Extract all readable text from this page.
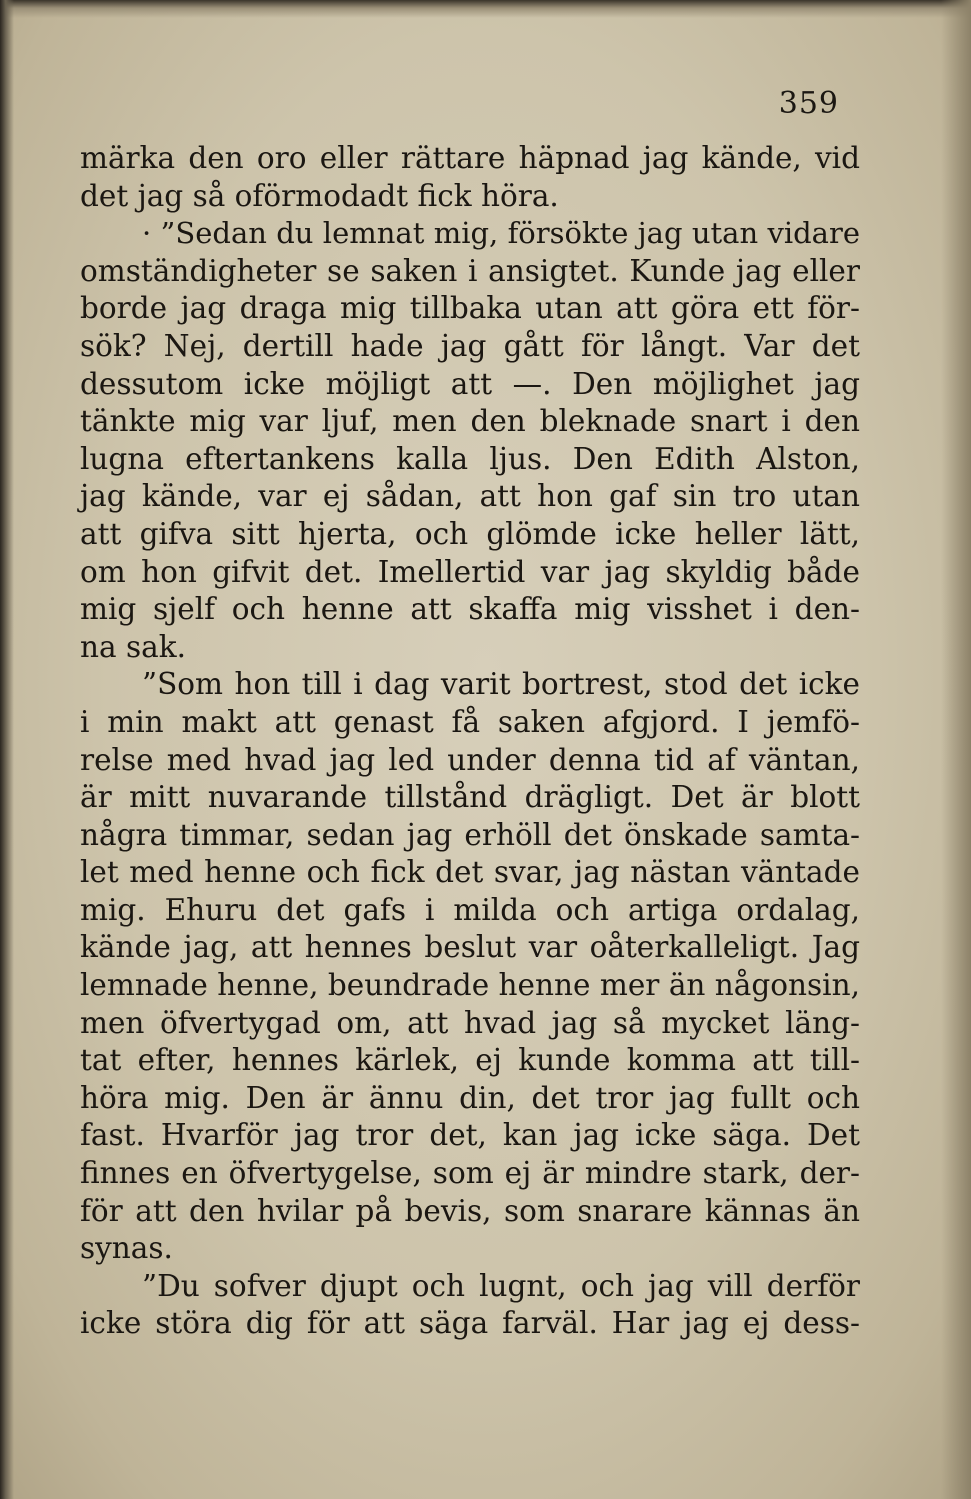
359
märka den oro eller rättare häpnad jag kände, vid
det jag så oförmodadt fick höra.
· ”Sedan du lemnat mig, försökte jag utan vidare
omständigheter se saken i ansigtet. Kunde jag eller
borde jag draga mig tillbaka utan att göra ett för-
sök? Nej, dertill hade jag gått för långt. Var det
dessutom icke möjligt att —. Den möjlighet jag
tänkte mig var ljuf, men den bleknade snart i den
lugna eftertankens kalla ljus. Den Edith Alston,
jag kände, var ej sådan, att hon gaf sin tro utan
att gifva sitt hjerta, och glömde icke heller lätt,
om hon gifvit det. Imellertid var jag skyldig både
mig sjelf och henne att skaffa mig visshet i den-
na sak.
”Som hon till i dag varit bortrest, stod det icke
i min makt att genast få saken afgjord. I jemfö-
relse med hvad jag led under denna tid af väntan,
är mitt nuvarande tillstånd drägligt. Det är blott
några timmar, sedan jag erhöll det önskade samta-
let med henne och fick det svar, jag nästan väntade
mig. Ehuru det gafs i milda och artiga ordalag,
kände jag, att hennes beslut var oåterkalleligt. Jag
lemnade henne, beundrade henne mer än någonsin,
men öfvertygad om, att hvad jag så mycket läng-
tat efter, hennes kärlek, ej kunde komma att till-
höra mig. Den är ännu din, det tror jag fullt och
fast. Hvarför jag tror det, kan jag icke säga. Det
finnes en öfvertygelse, som ej är mindre stark, der-
för att den hvilar på bevis, som snarare kännas än
synas.
”Du sofver djupt och lugnt, och jag vill derför
icke störa dig för att säga farväl. Har jag ej dess-
